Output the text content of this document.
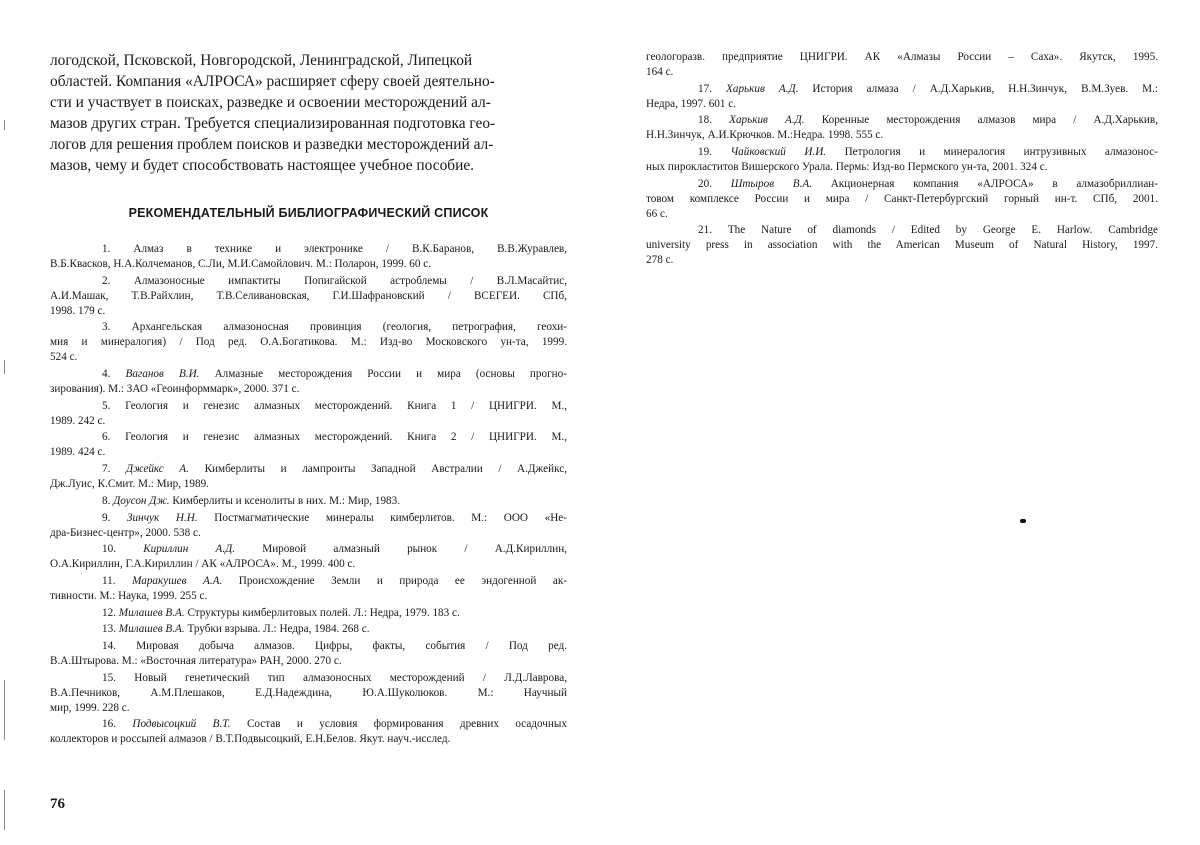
логодской, Псковской, Новгородской, Ленинградской, Липецкой
областей. Компания «АЛРОСА» расширяет сферу своей деятельно-
сти и участвует в поисках, разведке и освоении месторождений ал-
мазов других стран. Требуется специализированная подготовка гео-
логов для решения проблем поисков и разведки месторождений ал-
мазов, чему и будет способствовать настоящее учебное пособие.

РЕКОМЕНДАТЕЛЬНЫЙ БИБЛИОГРАФИЧЕСКИЙ СПИСОК

1. Алмаз в технике и электронике / В.К.Баранов, В.В.Журавлев,
В.Б.Квасков, Н.А.Колчеманов, С.Ли, М.И.Самойлович. М.: Поларон, 1999. 60 с.

2. Алмазоносные импактиты Попигайской астроблемы / В.Л.Масайтис,
А.И.Машак, Т.В.Райхлин, Т.В.Селивановская, Г.И.Шафрановский / ВСЕГЕИ. СПб,
1998. 179 с.

3. Архангельская алмазоносная провинция (геология, петрография, геохи-
мия и минералогия) / Под ред. О.А.Богатикова. М.: Изд-во Московского ун-та, 1999.
524 с.

4. Ваганов В.И. Алмазные месторождения России и мира (основы прогно-
зирования). М.: ЗАО «Геоинформмарк», 2000. 371 с.

5. Геология и генезис алмазных месторождений. Книга 1 / ЦНИГРИ. М.,
1989. 242 с.

6. Геология и генезис алмазных месторождений. Книга 2 / ЦНИГРИ. М.,
1989. 424 с.

7. Джейкс А. Кимберлиты и лампроиты Западной Австралии / А.Джейкс,
Дж.Луис, К.Смит. М.: Мир, 1989.

8. Доусон Дж. Кимберлиты и ксенолиты в них. М.: Мир, 1983.

9. Зинчук Н.Н. Постмагматические минералы кимберлитов. М.: ООО «Не-
дра-Бизнес-центр», 2000. 538 с.

10. Кириллин А.Д. Мировой алмазный рынок / А.Д.Кириллин,
О.А.Кириллин, Г.А.Кириллин / АК «АЛРОСА». М., 1999. 400 с.

11. Маракушев А.А. Происхождение Земли и природа ее эндогенной ак-
тивности. М.: Наука, 1999. 255 с.

12. Милашев В.А. Структуры кимберлитовых полей. Л.: Недра, 1979. 183 с.

13. Милашев В.А. Трубки взрыва. Л.: Недра, 1984. 268 с.

14. Мировая добыча алмазов. Цифры, факты, события / Под ред.
В.А.Штырова. М.: «Восточная литература» РАН, 2000. 270 с.

15. Новый генетический тип алмазоносных месторождений / Л.Д.Лаврова,
В.А.Печников, А.М.Плешаков, Е.Д.Надеждина, Ю.А.Шуколюков. М.: Научный
мир, 1999. 228 с.

16. Подвысоцкий В.Т. Состав и условия формирования древних осадочных
коллекторов и россыпей алмазов / В.Т.Подвысоцкий, Е.Н.Белов. Якут. науч.-исслед.

76

геологоразв. предприятие ЦНИГРИ. АК «Алмазы России – Саха». Якутск, 1995.
164 с.

17. Харькив А.Д. История алмаза / А.Д.Харькив, Н.Н.Зинчук, В.М.Зуев. М.:
Недра, 1997. 601 с.

18. Харькив А.Д. Коренные месторождения алмазов мира / А.Д.Харькив,
Н.Н.Зинчук, А.И.Крючков. М.:Недра. 1998. 555 с.

19. Чайковский И.И. Петрология и минералогия интрузивных алмазонос-
ных пирокластитов Вишерского Урала. Пермь: Изд-во Пермского ун-та, 2001. 324 с.

20. Штыров В.А. Акционерная компания «АЛРОСА» в алмазобриллиан-
товом комплексе России и мира / Санкт-Петербургский горный ин-т. СПб, 2001.
66 с.

21. The Nature of diamonds / Edited by George E. Harlow. Cambridge
university press in association with the American Museum of Natural History, 1997.
278 с.
